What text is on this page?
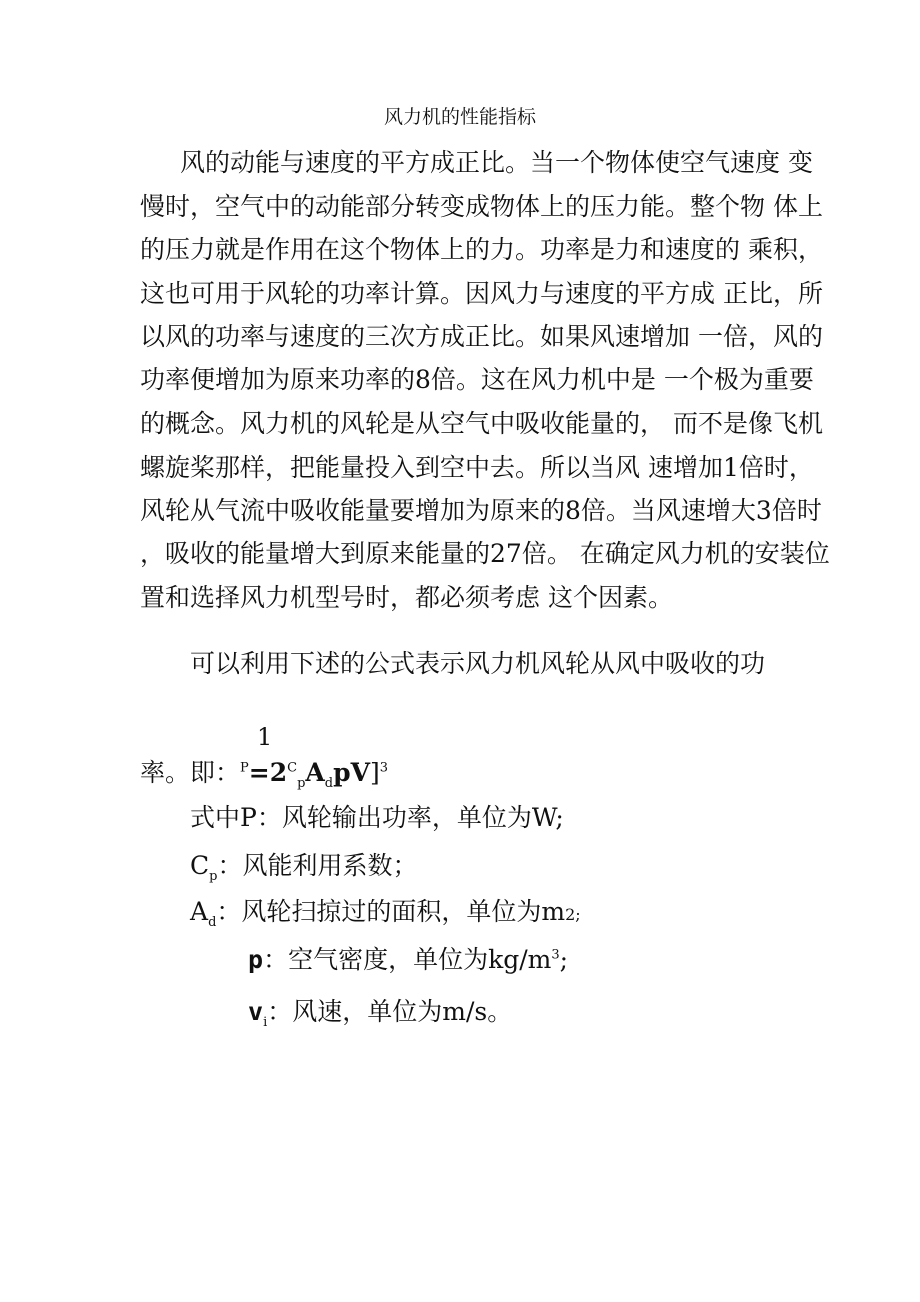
风力机的性能指标
风的动能与速度的平方成正比。当一个物体使空气速度 变
慢时，空气中的动能部分转变成物体上的压力能。整个物 体上
的压力就是作用在这个物体上的力。功率是力和速度的 乘积，
这也可用于风轮的功率计算。因风力与速度的平方成 正比，所
以风的功率与速度的三次方成正比。如果风速增加 一倍，风的
功率便增加为原来功率的8倍。这在风力机中是 一个极为重要
的概念。风力机的风轮是从空气中吸收能量的， 而不是像飞机
螺旋桨那样，把能量投入到空中去。所以当风 速增加1倍时，
风轮从气流中吸收能量要增加为原来的8倍。当风速增大3倍时
，吸收的能量增大到原来能量的27倍。 在确定风力机的安装位
置和选择风力机型号时，都必须考虑 这个因素。
可以利用下述的公式表示风力机风轮从风中吸收的功
1
率。即：$^P=2^C_pA_dpV]^3$
式中P：风轮输出功率，单位为W;
$C_p$：风能利用系数；
$A_d$：风轮扫掠过的面积，单位为m2;
p：空气密度，单位为$kg/m^3$;
$v_i$：风速，单位为m/s。
